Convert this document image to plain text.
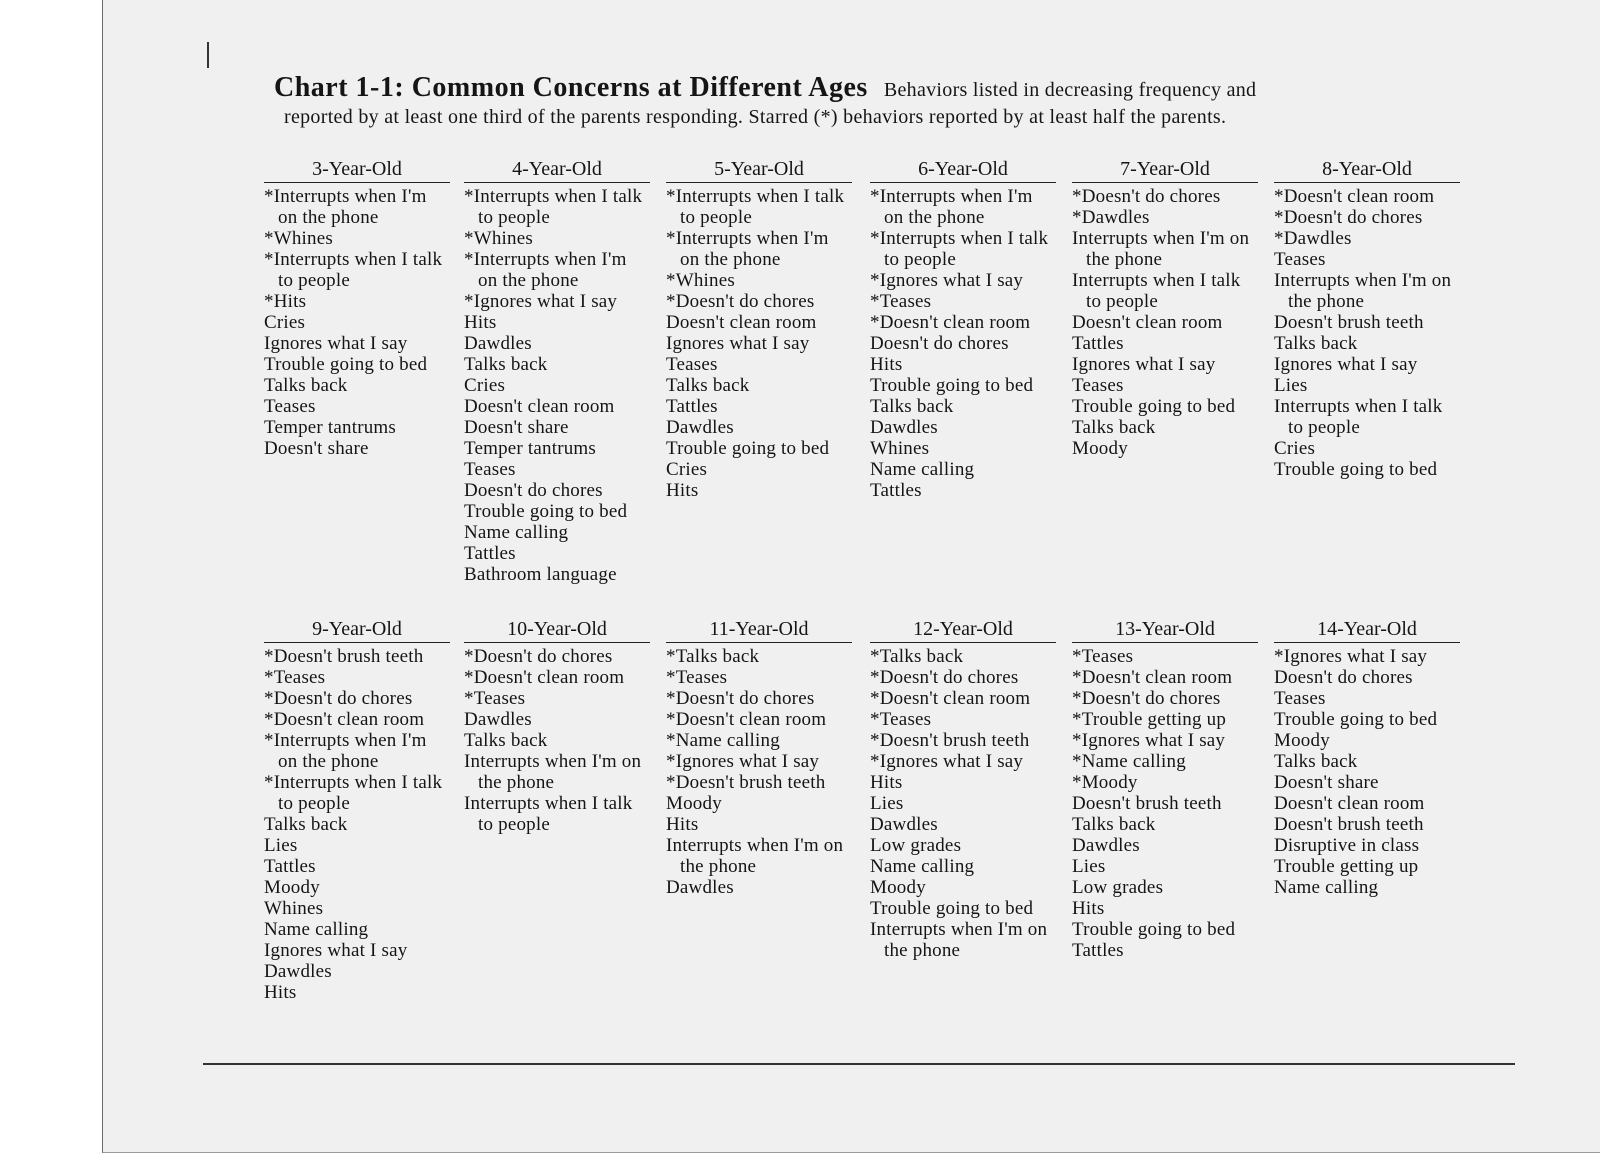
Chart 1-1: Common Concerns at Different Ages Behaviors listed in decreasing frequency and
reported by at least one third of the parents responding. Starred (*) behaviors reported by at least half the parents.
3-Year-Old
*Interrupts when I'm on the phone
*Whines
*Interrupts when I talk to people
*Hits
Cries
Ignores what I say
Trouble going to bed
Talks back
Teases
Temper tantrums
Doesn't share
4-Year-Old
*Interrupts when I talk to people
*Whines
*Interrupts when I'm on the phone
*Ignores what I say
Hits
Dawdles
Talks back
Cries
Doesn't clean room
Doesn't share
Temper tantrums
Teases
Doesn't do chores
Trouble going to bed
Name calling
Tattles
Bathroom language
5-Year-Old
*Interrupts when I talk to people
*Interrupts when I'm on the phone
*Whines
*Doesn't do chores
Doesn't clean room
Ignores what I say
Teases
Talks back
Tattles
Dawdles
Trouble going to bed
Cries
Hits
6-Year-Old
*Interrupts when I'm on the phone
*Interrupts when I talk to people
*Ignores what I say
*Teases
*Doesn't clean room
Doesn't do chores
Hits
Trouble going to bed
Talks back
Dawdles
Whines
Name calling
Tattles
7-Year-Old
*Doesn't do chores
*Dawdles
Interrupts when I'm on the phone
Interrupts when I talk to people
Doesn't clean room
Tattles
Ignores what I say
Teases
Trouble going to bed
Talks back
Moody
8-Year-Old
*Doesn't clean room
*Doesn't do chores
*Dawdles
Teases
Interrupts when I'm on the phone
Doesn't brush teeth
Talks back
Ignores what I say
Lies
Interrupts when I talk to people
Cries
Trouble going to bed
9-Year-Old
*Doesn't brush teeth
*Teases
*Doesn't do chores
*Doesn't clean room
*Interrupts when I'm on the phone
*Interrupts when I talk to people
Talks back
Lies
Tattles
Moody
Whines
Name calling
Ignores what I say
Dawdles
Hits
10-Year-Old
*Doesn't do chores
*Doesn't clean room
*Teases
Dawdles
Talks back
Interrupts when I'm on the phone
Interrupts when I talk to people
11-Year-Old
*Talks back
*Teases
*Doesn't do chores
*Doesn't clean room
*Name calling
*Ignores what I say
*Doesn't brush teeth
Moody
Hits
Interrupts when I'm on the phone
Dawdles
12-Year-Old
*Talks back
*Doesn't do chores
*Doesn't clean room
*Teases
*Doesn't brush teeth
*Ignores what I say
Hits
Lies
Dawdles
Low grades
Name calling
Moody
Trouble going to bed
Interrupts when I'm on the phone
13-Year-Old
*Teases
*Doesn't clean room
*Doesn't do chores
*Trouble getting up
*Ignores what I say
*Name calling
*Moody
Doesn't brush teeth
Talks back
Dawdles
Lies
Low grades
Hits
Trouble going to bed
Tattles
14-Year-Old
*Ignores what I say
Doesn't do chores
Teases
Trouble going to bed
Moody
Talks back
Doesn't share
Doesn't clean room
Doesn't brush teeth
Disruptive in class
Trouble getting up
Name calling
